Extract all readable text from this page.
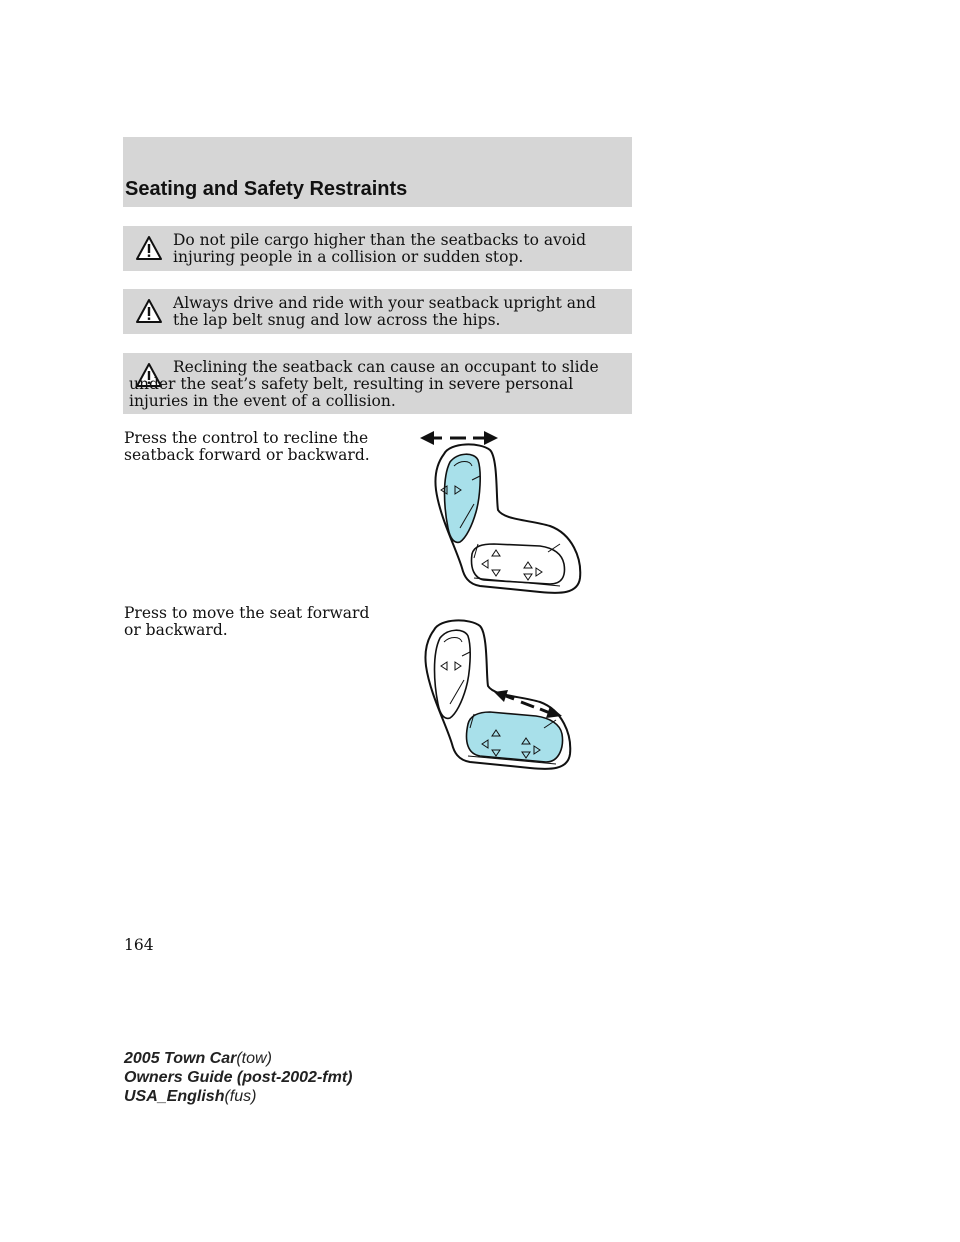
Seating and Safety Restraints
Do not pile cargo higher than the seatbacks to avoid injuring people in a collision or sudden stop.
Always drive and ride with your seatback upright and the lap belt snug and low across the hips.
Reclining the seatback can cause an occupant to slide under the seat’s safety belt, resulting in severe personal injuries in the event of a collision.
Press the control to recline the seatback forward or backward.
Press to move the seat forward or backward.
164
2005 Town Car(tow)
Owners Guide (post-2002-fmt)
USA_English(fus)
